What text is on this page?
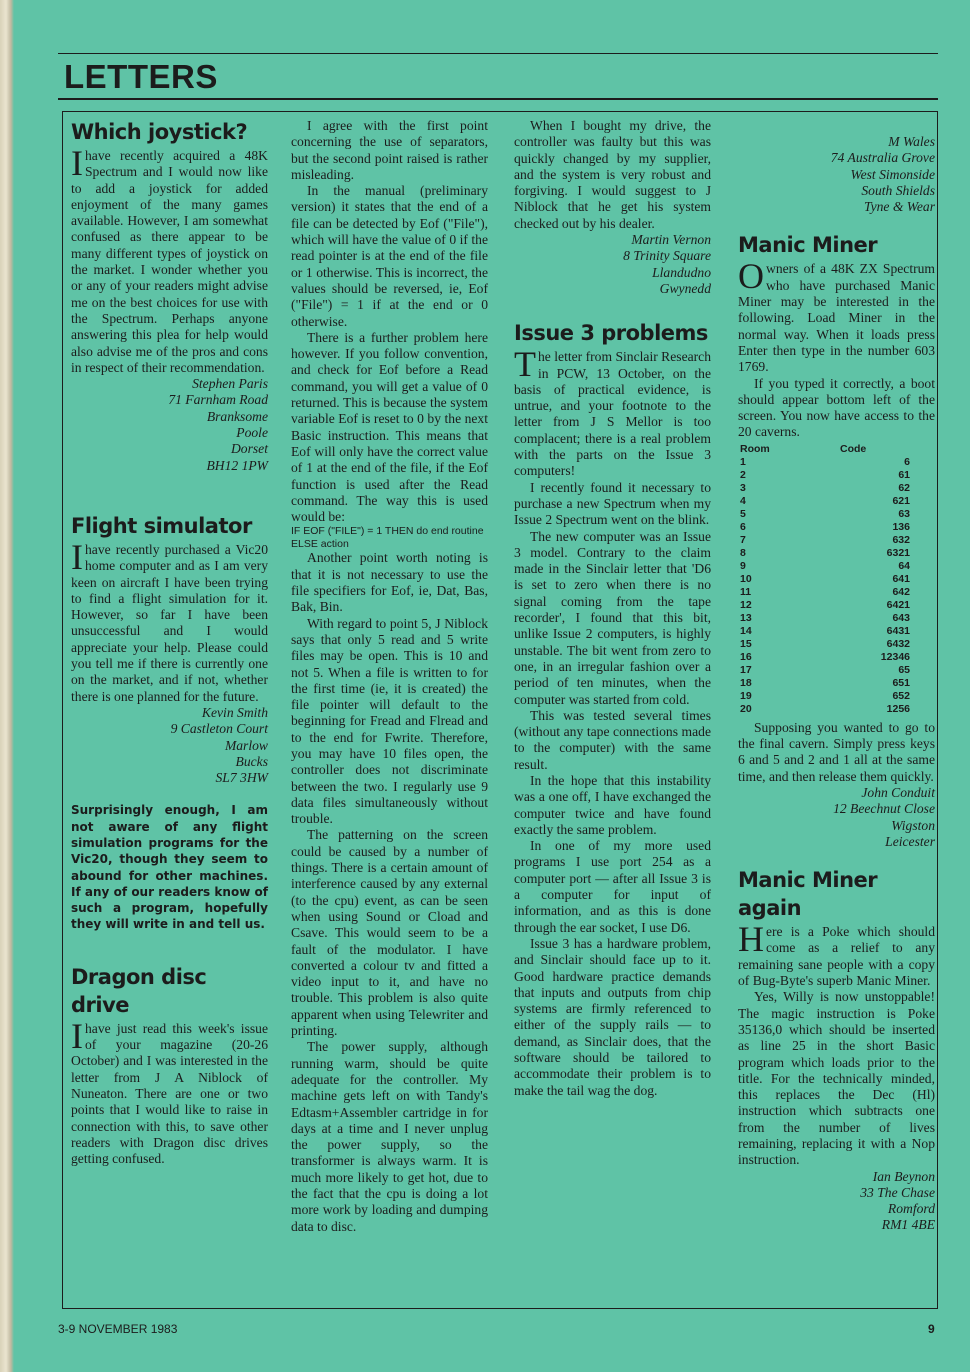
LETTERS
Which joystick?

Ihave recently acquired a 48K Spectrum and I would now like to add a joystick for added enjoyment of the many games available. However, I am somewhat confused as there appear to be many different types of joystick on the market. I wonder whether you or any of your readers might advise me on the best choices for use with the Spectrum. Perhaps anyone answering this plea for help would also advise me of the pros and cons in respect of their recommendation.

Stephen Paris
71 Farnham Road
Branksome
Poole
Dorset
BH12 1PW
Flight simulator

Ihave recently purchased a Vic20 home computer and as I am very keen on aircraft I have been trying to find a flight simulation for it. However, so far I have been unsuccessful and I would appreciate your help. Please could you tell me if there is currently one on the market, and if not, whether there is one planned for the future.

Kevin Smith
9 Castleton Court
Marlow
Bucks
SL7 3HW
Surprisingly enough, I am not aware of any flight simulation programs for the Vic20, though they seem to abound for other machines. If any of our readers know of such a program, hopefully they will write in and tell us.
Dragon disc drive

Ihave just read this week's issue of your magazine (20-26 October) and I was interested in the letter from J A Niblock of Nuneaton. There are one or two points that I would like to raise in connection with this, to save other readers with Dragon disc drives getting confused.

I agree with the first point concerning the use of separators, but the second point raised is rather misleading.

In the manual (preliminary version) it states that the end of a file can be detected by Eof ("File"), which will have the value of 0 if the read pointer is at the end of the file or 1 otherwise. This is incorrect, the values should be reversed, ie, Eof ("File") = 1 if at the end or 0 otherwise.

There is a further problem here however. If you follow convention, and check for Eof before a Read command, you will get a value of 0 returned. This is because the system variable Eof is reset to 0 by the next Basic instruction. This means that Eof will only have the correct value of 1 at the end of the file, if the Eof function is used after the Read command. The way this is used would be:

IF EOF ("FILE") = 1 THEN do end routine ELSE action

Another point worth noting is that it is not necessary to use the file specifiers for Eof, ie, Dat, Bas, Bak, Bin.

With regard to point 5, J Niblock says that only 5 read and 5 write files may be open. This is 10 and not 5. When a file is written to for the first time (ie, it is created) the file pointer will default to the beginning for Fread and Flread and to the end for Fwrite. Therefore, you may have 10 files open, the controller does not discriminate between the two. I regularly use 9 data files simultaneously without trouble.

The patterning on the screen could be caused by a number of things. There is a certain amount of interference caused by any external (to the cpu) event, as can be seen when using Sound or Cload and Csave. This would seem to be a fault of the modulator. I have converted a colour tv and fitted a video input to it, and have no trouble. This problem is also quite apparent when using Telewriter and printing.

The power supply, although running warm, should be quite adequate for the controller. My machine gets left on with Tandy's Edtasm+Assembler cartridge in for days at a time and I never unplug the power supply, so the transformer is always warm. It is much more likely to get hot, due to the fact that the cpu is doing a lot more work by loading and dumping data to disc.

When I bought my drive, the controller was faulty but this was quickly changed by my supplier, and the system is very robust and forgiving. I would suggest to J Niblock that he get his system checked out by his dealer.

Martin Vernon
8 Trinity Square
Llandudno
Gwynedd
Issue 3 problems

The letter from Sinclair Research in PCW, 13 October, on the basis of practical evidence, is untrue, and your footnote to the letter from J S Mellor is too complacent; there is a real problem with the parts on the Issue 3 computers!

I recently found it necessary to purchase a new Spectrum when my Issue 2 Spectrum went on the blink.

The new computer was an Issue 3 model. Contrary to the claim made in the Sinclair letter that 'D6 is set to zero when there is no signal coming from the tape recorder', I found that this bit, unlike Issue 2 computers, is highly unstable. The bit went from zero to one, in an irregular fashion over a period of ten minutes, when the computer was started from cold.

This was tested several times (without any tape connections made to the computer) with the same result.

In the hope that this instability was a one off, I have exchanged the computer twice and have found exactly the same problem.

In one of my more used programs I use port 254 as a computer port — after all Issue 3 is a computer for input of information, and as this is done through the ear socket, I use D6.

Issue 3 has a hardware problem, and Sinclair should face up to it. Good hardware practice demands that inputs and outputs from chip systems are firmly referenced to either of the supply rails — to demand, as Sinclair does, that the software should be tailored to accommodate their problem is to make the tail wag the dog.

M Wales
74 Australia Grove
West Simonside
South Shields
Tyne & Wear
Manic Miner

Owners of a 48K ZX Spectrum who have purchased Manic Miner may be interested in the following. Load Miner in the normal way. When it loads press Enter then type in the number 603 1769.

If you typed it correctly, a boot should appear bottom left of the screen. You now have access to the 20 caverns.

Room	Code
1	6
2	61
3	62
4	621
5	63
6	136
7	632
8	6321
9	64
10	641
11	642
12	6421
13	643
14	6431
15	6432
16	12346
17	65
18	651
19	652
20	1256

Supposing you wanted to go to the final cavern. Simply press keys 6 and 5 and 2 and 1 all at the same time, and then release them quickly.

John Conduit
12 Beechnut Close
Wigston
Leicester
Manic Miner again

Here is a Poke which should come as a relief to any remaining sane people with a copy of Bug-Byte's superb Manic Miner.

Yes, Willy is now unstoppable! The magic instruction is Poke 35136,0 which should be inserted as line 25 in the short Basic program which loads prior to the title. For the technically minded, this replaces the Dec (Hl) instruction which subtracts one from the number of lives remaining, replacing it with a Nop instruction.

Ian Beynon
33 The Chase
Romford
RM1 4BE
3-9 NOVEMBER 1983	9
